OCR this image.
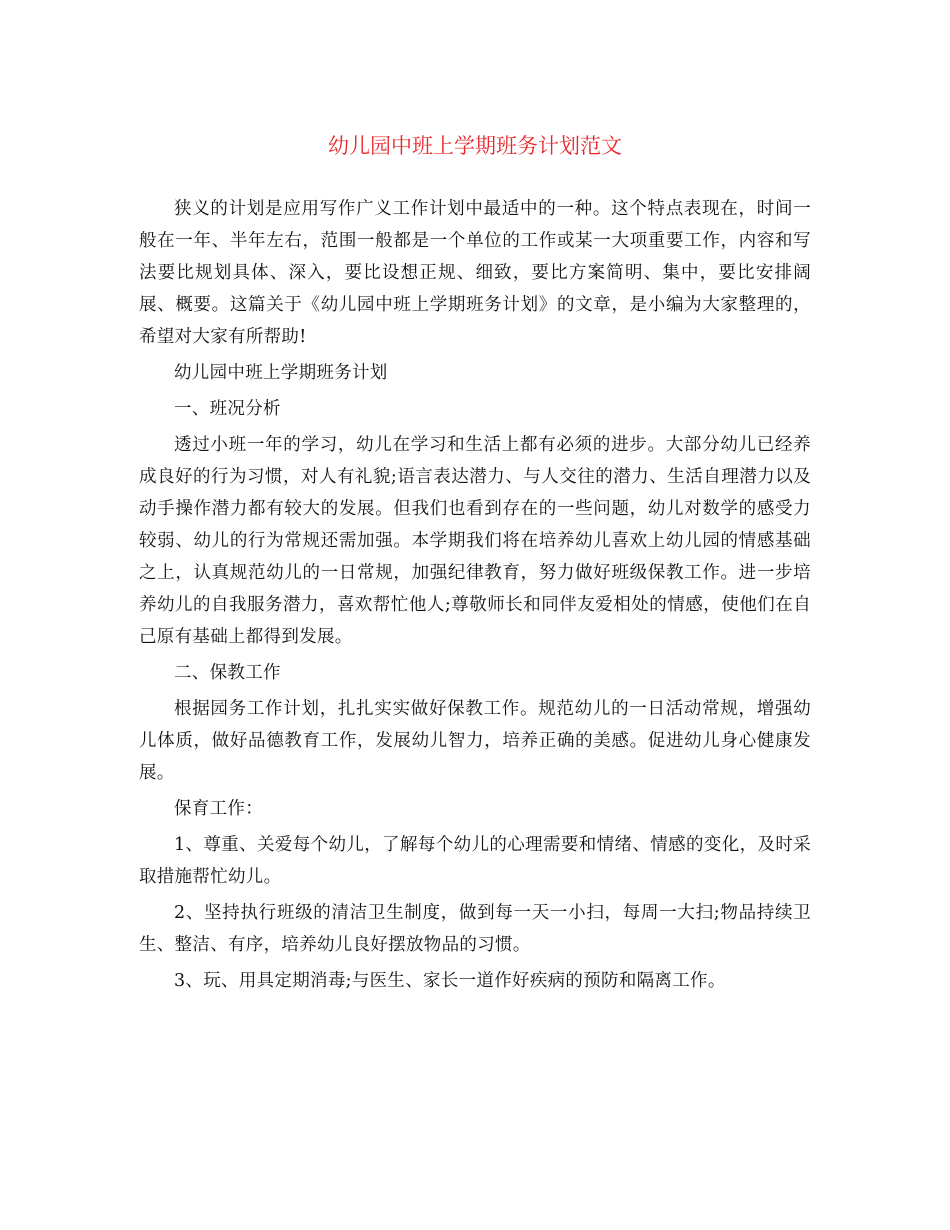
幼儿园中班上学期班务计划范文

狭义的计划是应用写作广义工作计划中最适中的一种。这个特点表现在，时间一般在一年、半年左右，范围一般都是一个单位的工作或某一大项重要工作，内容和写法要比规划具体、深入，要比设想正规、细致，要比方案简明、集中，要比安排阔展、概要。这篇关于《幼儿园中班上学期班务计划》的文章，是小编为大家整理的，希望对大家有所帮助!

幼儿园中班上学期班务计划

一、班况分析

透过小班一年的学习，幼儿在学习和生活上都有必须的进步。大部分幼儿已经养成良好的行为习惯，对人有礼貌;语言表达潜力、与人交往的潜力、生活自理潜力以及动手操作潜力都有较大的发展。但我们也看到存在的一些问题，幼儿对数学的感受力较弱、幼儿的行为常规还需加强。本学期我们将在培养幼儿喜欢上幼儿园的情感基础之上，认真规范幼儿的一日常规，加强纪律教育，努力做好班级保教工作。进一步培养幼儿的自我服务潜力，喜欢帮忙他人;尊敬师长和同伴友爱相处的情感，使他们在自己原有基础上都得到发展。

二、保教工作

根据园务工作计划，扎扎实实做好保教工作。规范幼儿的一日活动常规，增强幼儿体质，做好品德教育工作，发展幼儿智力，培养正确的美感。促进幼儿身心健康发展。

保育工作：

1、尊重、关爱每个幼儿，了解每个幼儿的心理需要和情绪、情感的变化，及时采取措施帮忙幼儿。

2、坚持执行班级的清洁卫生制度，做到每一天一小扫，每周一大扫;物品持续卫生、整洁、有序，培养幼儿良好摆放物品的习惯。

3、玩、用具定期消毒;与医生、家长一道作好疾病的预防和隔离工作。
